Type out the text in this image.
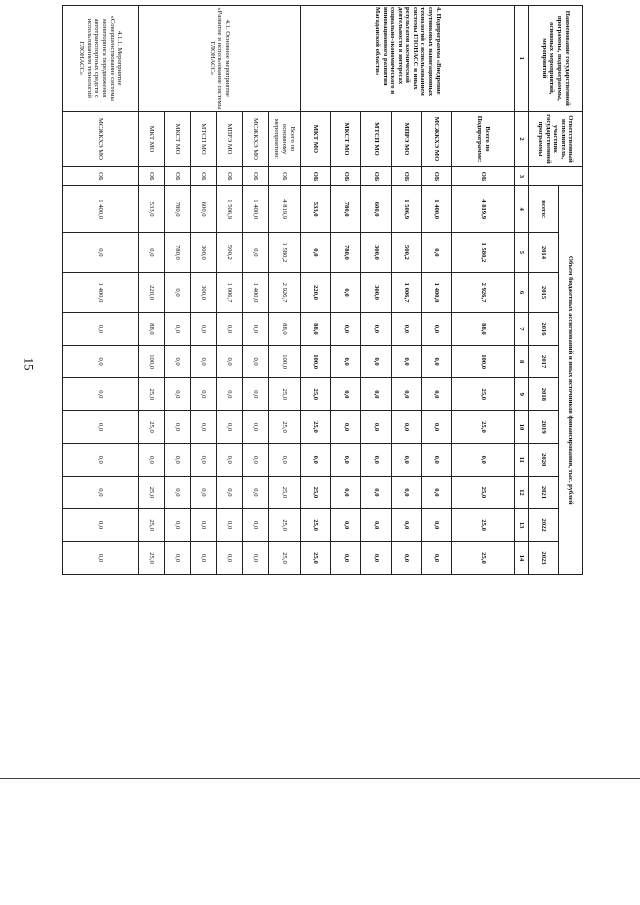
15
Наименование государственной программы, подпрограммы, основных мероприятий, мероприятий	Ответственный исполнитель, участник государственной программы		Объем бюджетных ассигнований и иных источников финансирования, тыс. рублей										
			всего:	2014	2015	2016	2017	2018	2019	2020	2021	2022	2023
1	2	3	4	5	6	7	8	9	10	11	12	13	14
4. Подпрограмма «Внедрение спутниковых навигационных технологий с использованием системы ГЛОНАСС и иных результатов космической деятельности в интересах социально-экономического и инновационного развития Магаданской области»	Всего по Подпрограмме:	ОБ	4 819,9	1 580,2	2 926,7	88,0	100,0	25,0	25,0	0,0	25,0	25,0	25,0
	МСЖКХЭ МО	ОБ	1 400,0	0,0	1 400,0	0,0	0,0	0,0	0,0	0,0	0,0	0,0	0,0
	МПРЭ МО	ОБ	1 506,9	500,2	1 006,7	0,0	0,0	0,0	0,0	0,0	0,0	0,0	0,0
	МТСП МО	ОБ	600,0	300,0	300,0	0,0	0,0	0,0	0,0	0,0	0,0	0,0	0,0
	МКСТ МО	ОБ	780,0	780,0	0,0	0,0	0,0	0,0	0,0	0,0	0,0	0,0	0,0
	МКТ МО	ОБ	533,0	0,0	220,0	88,0	100,0	25,0	25,0	0,0	25,0	25,0	25,0
4.1. Основное мероприятие «Развитие и использование системы ГЛОНАСС»	Всего по основному мероприятию:	ОБ	4 819,9	1 580,2	2 926,7	88,0	100,0	25,0	25,0	0,0	25,0	25,0	25,0
	МСЖКХЭ МО	ОБ	1 400,0	0,0	1 400,0	0,0	0,0	0,0	0,0	0,0	0,0	0,0	0,0
	МПРЭ МО	ОБ	1 506,9	500,2	1 006,7	0,0	0,0	0,0	0,0	0,0	0,0	0,0	0,0
	МТСП МО	ОБ	600,0	300,0	300,0	0,0	0,0	0,0	0,0	0,0	0,0	0,0	0,0
	МКСТ МО	ОБ	780,0	780,0	0,0	0,0	0,0	0,0	0,0	0,0	0,0	0,0	0,0
	МКТ МО	ОБ	533,0	0,0	220,0	88,0	100,0	25,0	25,0	0,0	25,0	25,0	25,0
4.1.1. Мероприятие «Совершенствование системы мониторинга передвижения автотранспортных средств с использованием технологий ГЛОНАСС»	МСЖКХЭ МО	ОБ	1 400,0	0,0	1 400,0	0,0	0,0	0,0	0,0	0,0	0,0	0,0	0,0
